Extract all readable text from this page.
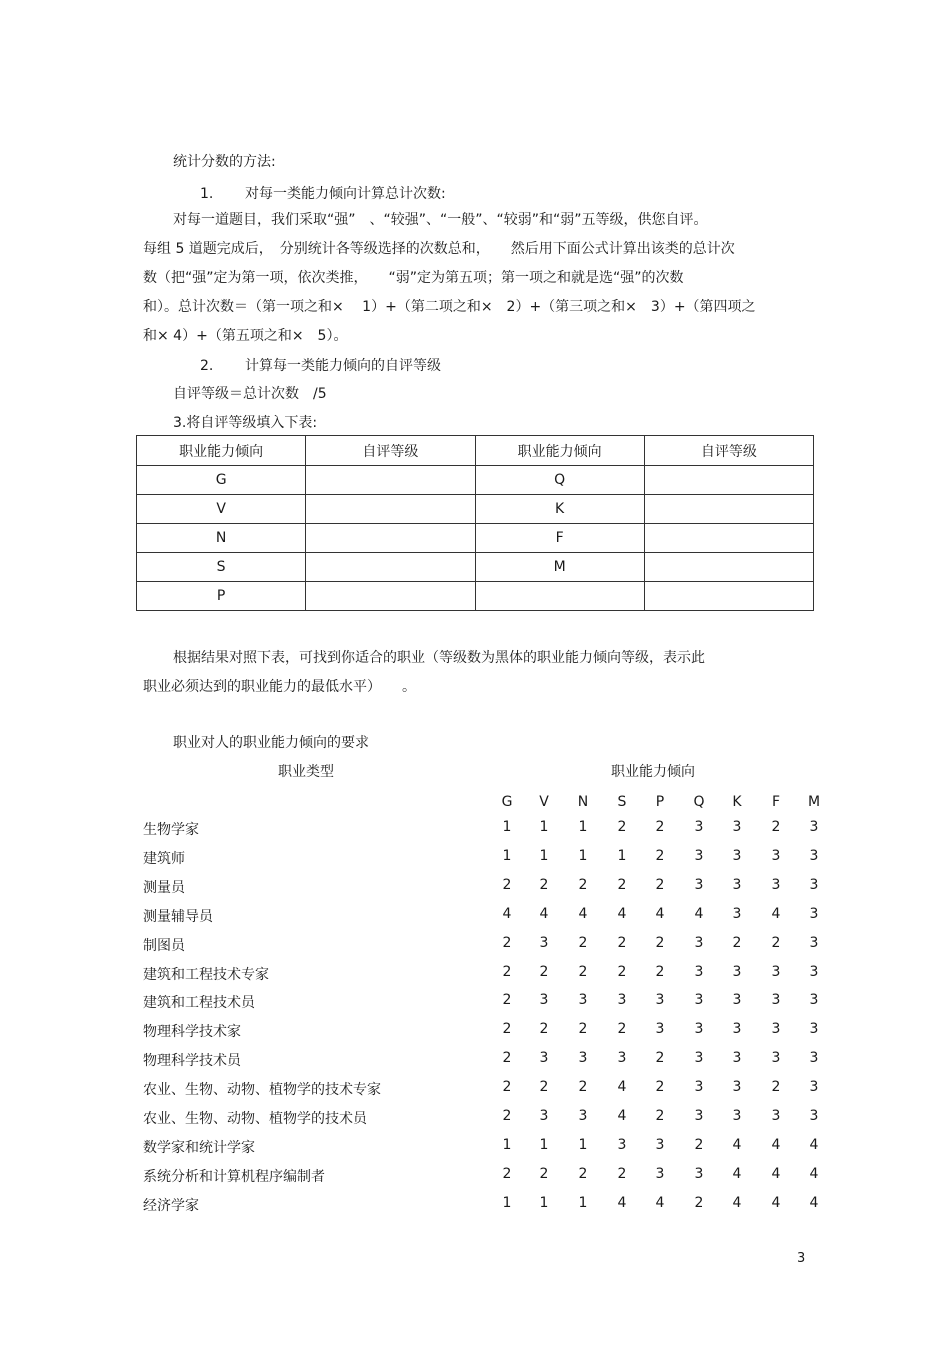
统计分数的方法:
1. 对每一类能力倾向计算总计次数:
对每一道题目，我们采取“强”　、“较强”、“一般”、“较弱”和“弱”五等级，供您自评。
每组 5 道题完成后，　分别统计各等级选择的次数总和，　　然后用下面公式计算出该类的总计次
数（把“强”定为第一项，依次类推，　　“弱”定为第五项；第一项之和就是选“强”的次数
和）。总计次数＝（第一项之和×　 1）+（第二项之和×　2）+（第三项之和×　3）+（第四项之
和× 4）+（第五项之和×　5）。
2. 计算每一类能力倾向的自评等级
自评等级＝总计次数　/5
3.将自评等级填入下表:
职业能力倾向	自评等级	职业能力倾向	自评等级
G		Q	
V		K	
N		F	
S		M	
P			
根据结果对照下表，可找到你适合的职业（等级数为黑体的职业能力倾向等级，表示此
职业必须达到的职业能力的最低水平）　　。
职业对人的职业能力倾向的要求
职业类型	职业能力倾向
G	V	N	S	P	Q	K	F	M
生物学家	1	1	1	2	2	3	3	2	3
建筑师	1	1	1	1	2	3	3	3	3
测量员	2	2	2	2	2	3	3	3	3
测量辅导员	4	4	4	4	4	4	3	4	3
制图员	2	3	2	2	2	3	2	2	3
建筑和工程技术专家	2	2	2	2	2	3	3	3	3
建筑和工程技术员	2	3	3	3	3	3	3	3	3
物理科学技术家	2	2	2	2	3	3	3	3	3
物理科学技术员	2	3	3	3	2	3	3	3	3
农业、生物、动物、植物学的技术专家	2	2	2	4	2	3	3	2	3
农业、生物、动物、植物学的技术员	2	3	3	4	2	3	3	3	3
数学家和统计学家	1	1	1	3	3	2	4	4	4
系统分析和计算机程序编制者	2	2	2	2	3	3	4	4	4
经济学家	1	1	1	4	4	2	4	4	4
3
